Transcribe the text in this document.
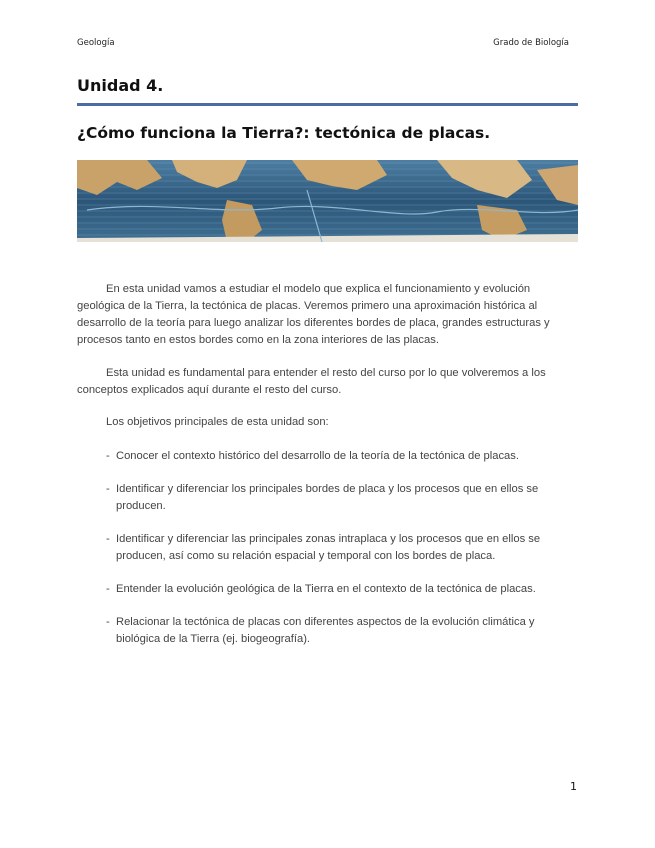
Geología	Grado de Biología
Unidad 4.
¿Cómo funciona la Tierra?: tectónica de placas.

En esta unidad vamos a estudiar el modelo que explica el funcionamiento y evolución geológica de la Tierra, la tectónica de placas. Veremos primero una aproximación histórica al desarrollo de la teoría para luego analizar los diferentes bordes de placa, grandes estructuras y procesos tanto en estos bordes como en la zona interiores de las placas.

Esta unidad es fundamental para entender el resto del curso por lo que volveremos a los conceptos explicados aquí durante el resto del curso.

Los objetivos principales de esta unidad son:

- Conocer el contexto histórico del desarrollo de la teoría de la tectónica de placas.
- Identificar y diferenciar los principales bordes de placa y los procesos que en ellos se producen.
- Identificar y diferenciar las principales zonas intraplaca y los procesos que en ellos se producen, así como su relación espacial y temporal con los bordes de placa.
- Entender la evolución geológica de la Tierra en el contexto de la tectónica de placas.
- Relacionar la tectónica de placas con diferentes aspectos de la evolución climática y biológica de la Tierra (ej. biogeografía).
1
